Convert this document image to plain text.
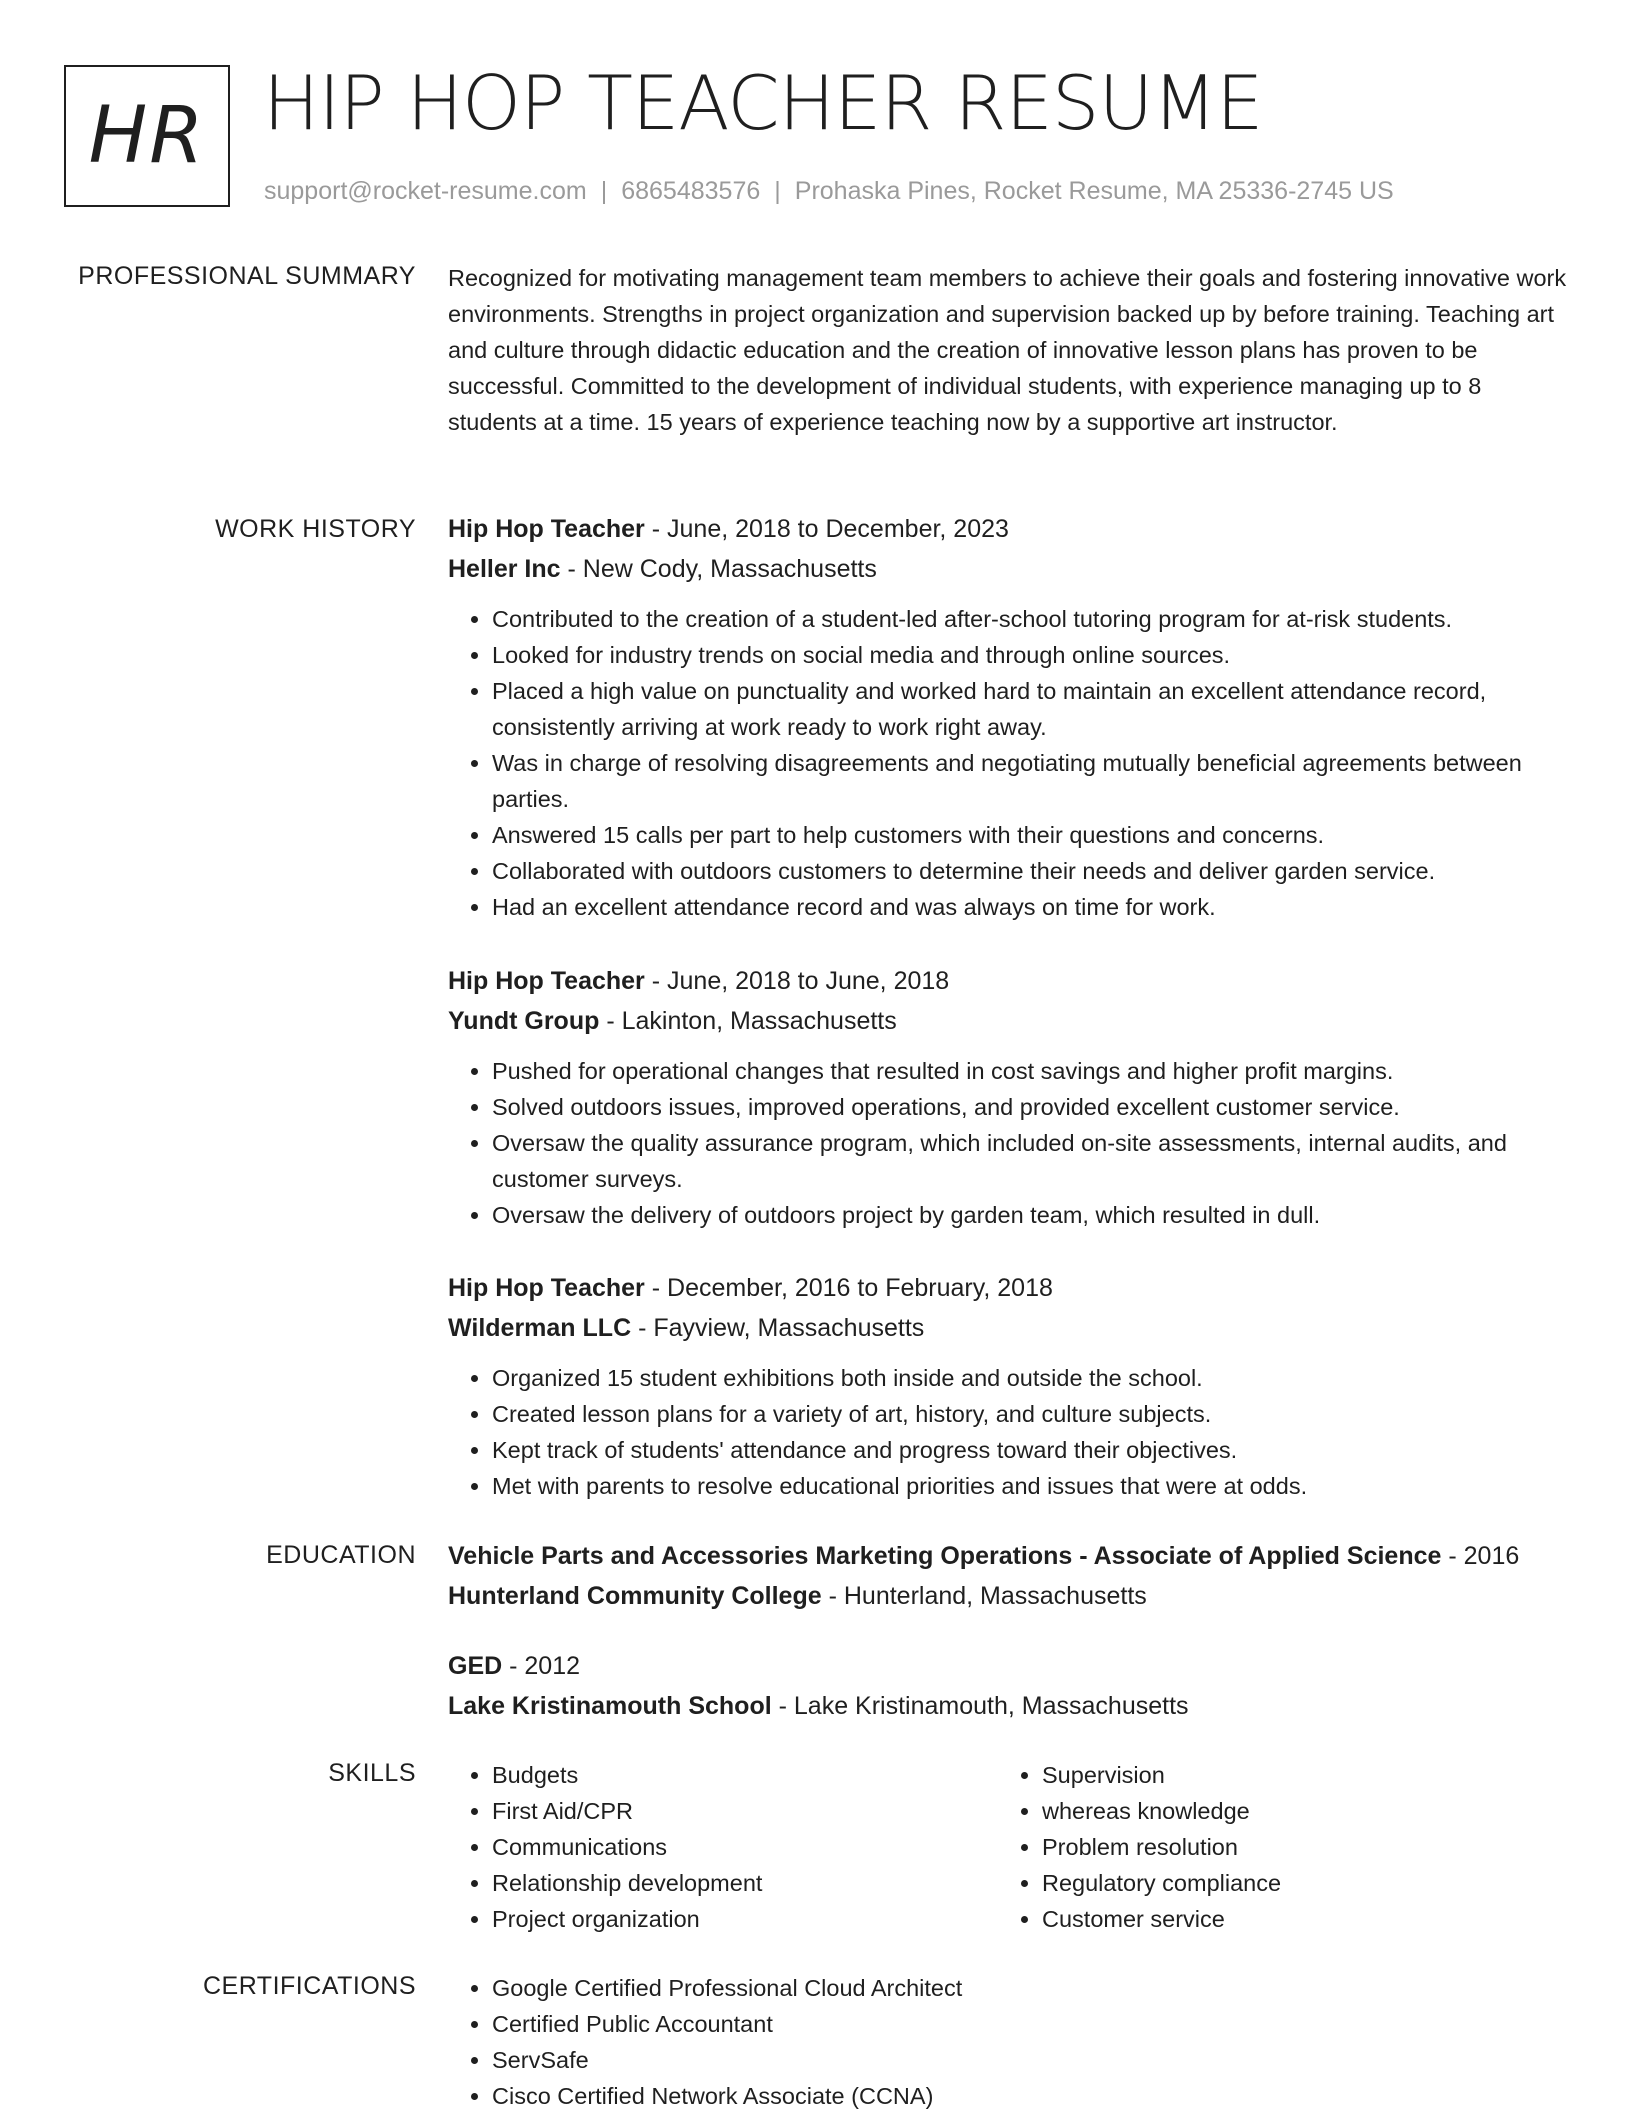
HR HIP HOP TEACHER RESUME
support@rocket-resume.com | 6865483576 | Prohaska Pines, Rocket Resume, MA 25336-2745 US
PROFESSIONAL SUMMARY Recognized for motivating management team members to achieve their goals and fostering innovative work environments. Strengths in project organization and supervision backed up by before training. Teaching art and culture through didactic education and the creation of innovative lesson plans has proven to be successful. Committed to the development of individual students, with experience managing up to 8 students at a time. 15 years of experience teaching now by a supportive art instructor.

WORK HISTORY Hip Hop Teacher - June, 2018 to December, 2023
Heller Inc - New Cody, Massachusetts
• Contributed to the creation of a student-led after-school tutoring program for at-risk students.
• Looked for industry trends on social media and through online sources.
• Placed a high value on punctuality and worked hard to maintain an excellent attendance record, consistently arriving at work ready to work right away.
• Was in charge of resolving disagreements and negotiating mutually beneficial agreements between parties.
• Answered 15 calls per part to help customers with their questions and concerns.
• Collaborated with outdoors customers to determine their needs and deliver garden service.
• Had an excellent attendance record and was always on time for work.
Hip Hop Teacher - June, 2018 to June, 2018
Yundt Group - Lakinton, Massachusetts
• Pushed for operational changes that resulted in cost savings and higher profit margins.
• Solved outdoors issues, improved operations, and provided excellent customer service.
• Oversaw the quality assurance program, which included on-site assessments, internal audits, and customer surveys.
• Oversaw the delivery of outdoors project by garden team, which resulted in dull.
Hip Hop Teacher - December, 2016 to February, 2018
Wilderman LLC - Fayview, Massachusetts
• Organized 15 student exhibitions both inside and outside the school.
• Created lesson plans for a variety of art, history, and culture subjects.
• Kept track of students' attendance and progress toward their objectives.
• Met with parents to resolve educational priorities and issues that were at odds.
EDUCATION Vehicle Parts and Accessories Marketing Operations - Associate of Applied Science - 2016
Hunterland Community College - Hunterland, Massachusetts
GED - 2012
Lake Kristinamouth School - Lake Kristinamouth, Massachusetts
SKILLS	• Budgets
• First Aid/CPR
• Communications
• Relationship development
• Project organization
• Supervision
• whereas knowledge
• Problem resolution
• Regulatory compliance
• Customer service
CERTIFICATIONS	• Google Certified Professional Cloud Architect
• Certified Public Accountant
• ServSafe
• Cisco Certified Network Associate (CCNA)
